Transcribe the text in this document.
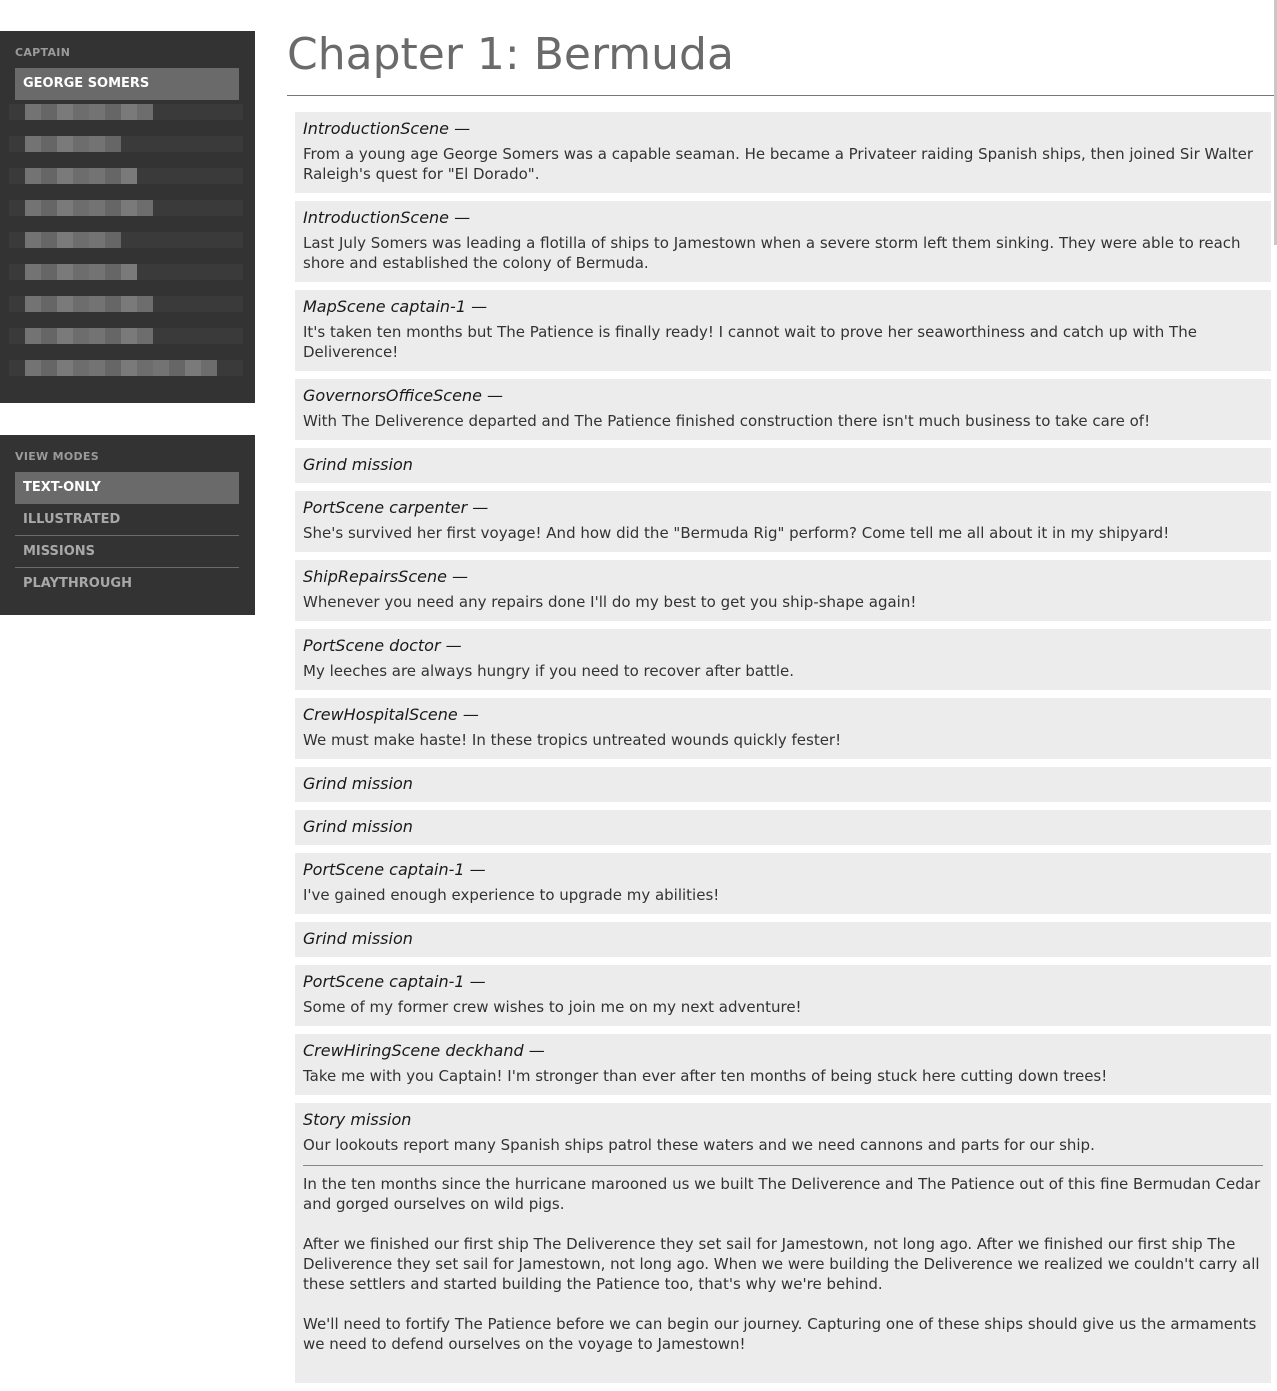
CAPTAIN
GEORGE SOMERS
VIEW MODES
TEXT-ONLY
ILLUSTRATED
MISSIONS
PLAYTHROUGH
Chapter 1: Bermuda
IntroductionScene —
From a young age George Somers was a capable seaman. He became a Privateer raiding Spanish ships, then joined Sir Walter Raleigh's quest for "El Dorado".
IntroductionScene —
Last July Somers was leading a flotilla of ships to Jamestown when a severe storm left them sinking. They were able to reach shore and established the colony of Bermuda.
MapScene captain-1 —
It's taken ten months but The Patience is finally ready! I cannot wait to prove her seaworthiness and catch up with The Deliverence!
GovernorsOfficeScene —
With The Deliverence departed and The Patience finished construction there isn't much business to take care of!
Grind mission
PortScene carpenter —
She's survived her first voyage! And how did the "Bermuda Rig" perform? Come tell me all about it in my shipyard!
ShipRepairsScene —
Whenever you need any repairs done I'll do my best to get you ship-shape again!
PortScene doctor —
My leeches are always hungry if you need to recover after battle.
CrewHospitalScene —
We must make haste! In these tropics untreated wounds quickly fester!
Grind mission
Grind mission
PortScene captain-1 —
I've gained enough experience to upgrade my abilities!
Grind mission
PortScene captain-1 —
Some of my former crew wishes to join me on my next adventure!
CrewHiringScene deckhand —
Take me with you Captain! I'm stronger than ever after ten months of being stuck here cutting down trees!
Story mission
Our lookouts report many Spanish ships patrol these waters and we need cannons and parts for our ship.
In the ten months since the hurricane marooned us we built The Deliverence and The Patience out of this fine Bermudan Cedar and gorged ourselves on wild pigs.
After we finished our first ship The Deliverence they set sail for Jamestown, not long ago. After we finished our first ship The Deliverence they set sail for Jamestown, not long ago. When we were building the Deliverence we realized we couldn't carry all these settlers and started building the Patience too, that's why we're behind.
We'll need to fortify The Patience before we can begin our journey. Capturing one of these ships should give us the armaments we need to defend ourselves on the voyage to Jamestown!
